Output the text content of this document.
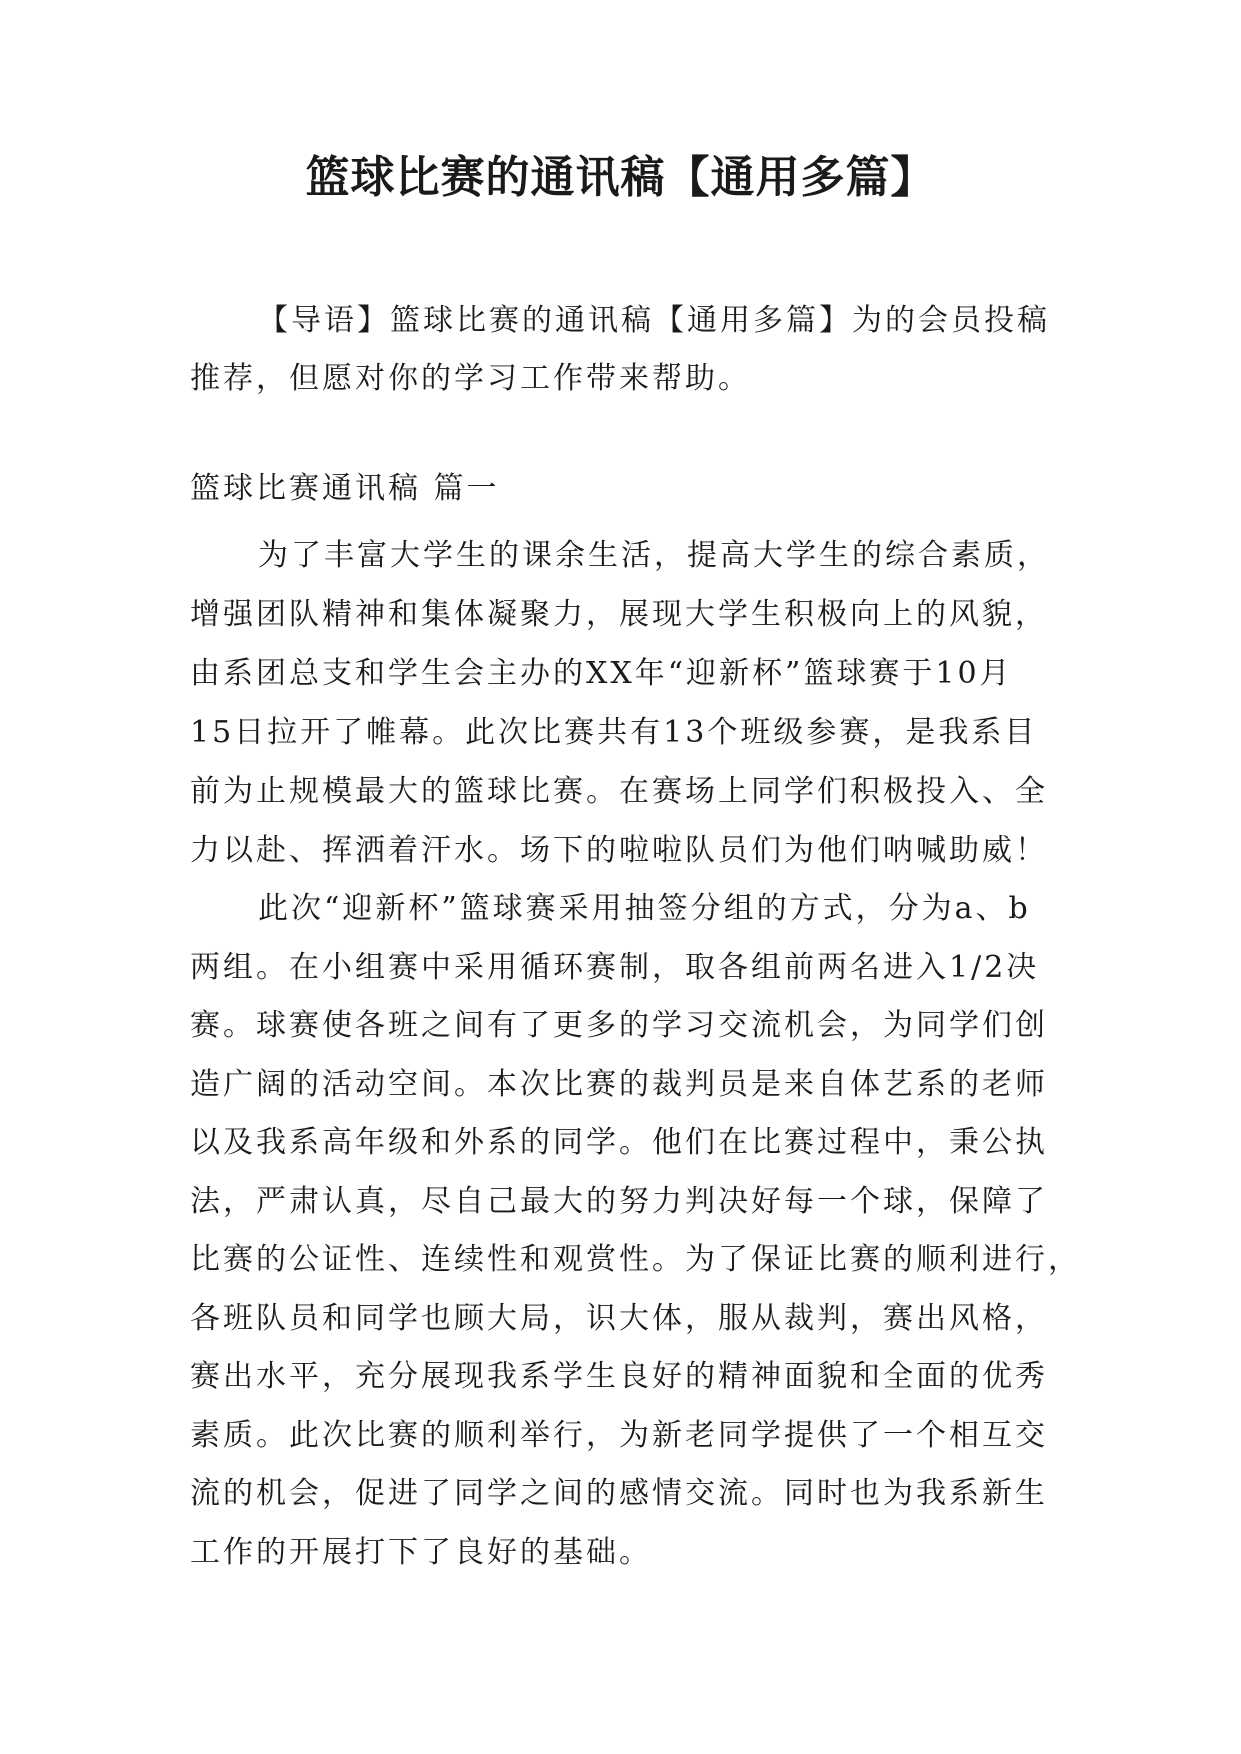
篮球比赛的通讯稿【通用多篇】
【导语】篮球比赛的通讯稿【通用多篇】为的会员投稿
推荐，但愿对你的学习工作带来帮助。
篮球比赛通讯稿 篇一
为了丰富大学生的课余生活，提高大学生的综合素质，
增强团队精神和集体凝聚力，展现大学生积极向上的风貌，
由系团总支和学生会主办的XX年“迎新杯”篮球赛于10月
15日拉开了帷幕。此次比赛共有13个班级参赛，是我系目
前为止规模最大的篮球比赛。在赛场上同学们积极投入、全
力以赴、挥洒着汗水。场下的啦啦队员们为他们呐喊助威！
此次“迎新杯”篮球赛采用抽签分组的方式，分为a、b
两组。在小组赛中采用循环赛制，取各组前两名进入1/2决
赛。球赛使各班之间有了更多的学习交流机会，为同学们创
造广阔的活动空间。本次比赛的裁判员是来自体艺系的老师
以及我系高年级和外系的同学。他们在比赛过程中，秉公执
法，严肃认真，尽自己最大的努力判决好每一个球，保障了
比赛的公证性、连续性和观赏性。为了保证比赛的顺利进行，
各班队员和同学也顾大局，识大体，服从裁判，赛出风格，
赛出水平，充分展现我系学生良好的精神面貌和全面的优秀
素质。此次比赛的顺利举行，为新老同学提供了一个相互交
流的机会，促进了同学之间的感情交流。同时也为我系新生
工作的开展打下了良好的基础。
